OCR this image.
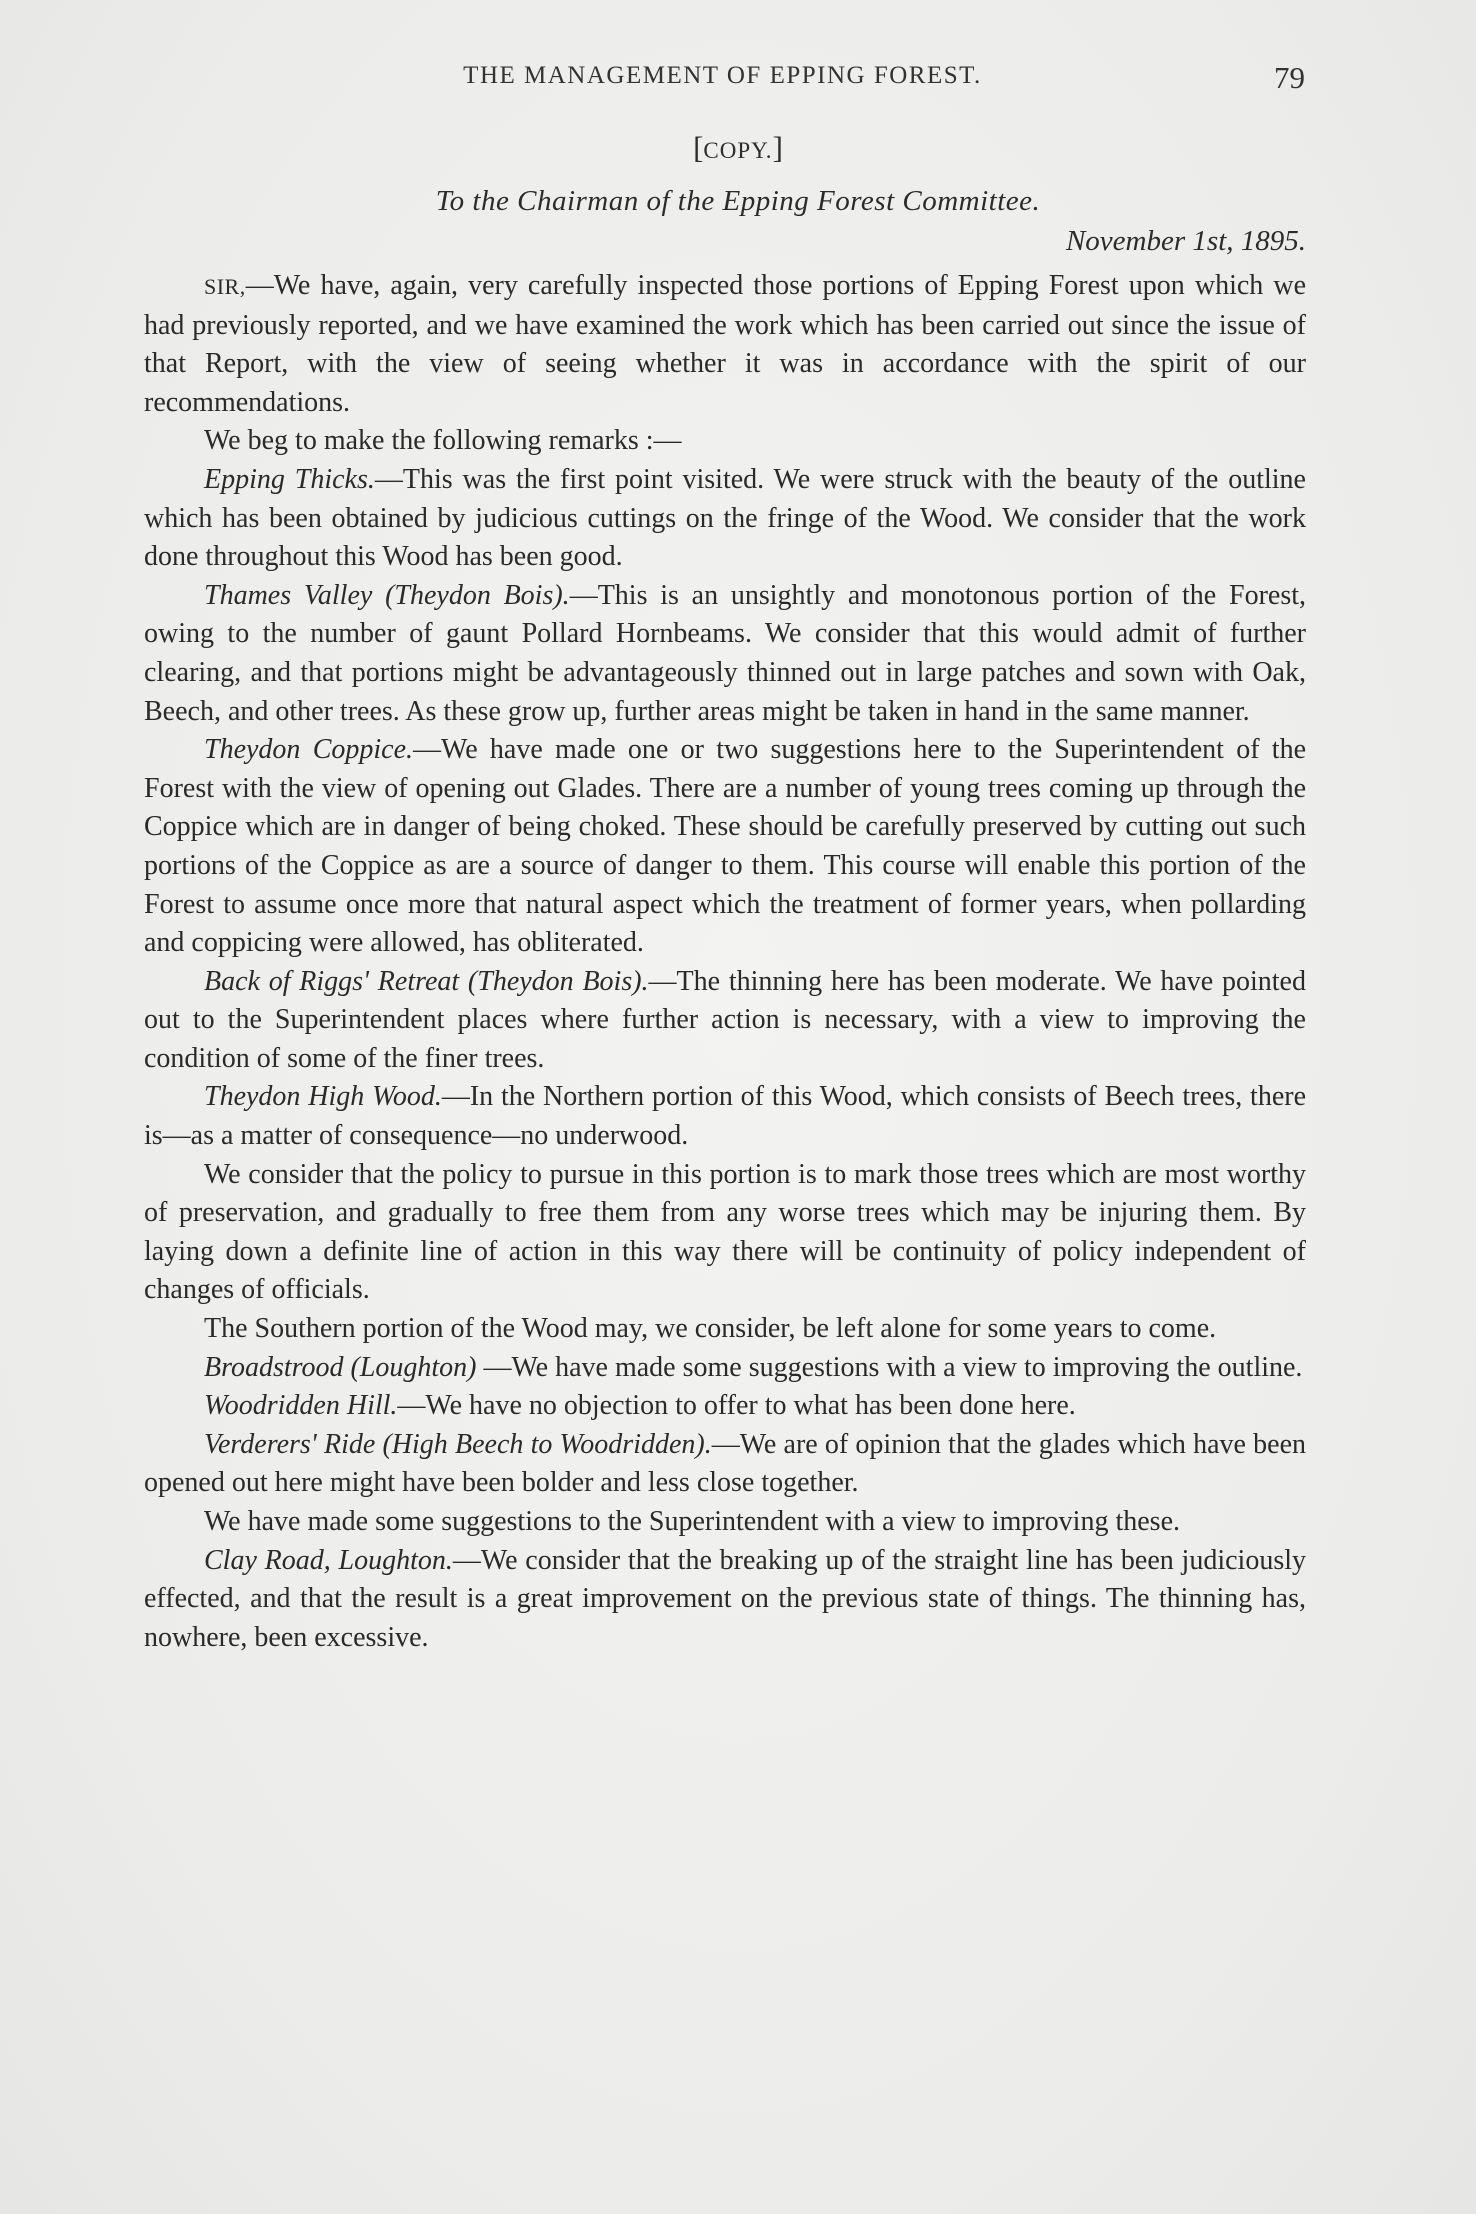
THE MANAGEMENT OF EPPING FOREST.	79
[COPY.]
To the Chairman of the Epping Forest Committee.
November 1st, 1895.

SIR,—We have, again, very carefully inspected those portions of Epping Forest upon which we had previously reported, and we have examined the work which has been carried out since the issue of that Report, with the view of seeing whether it was in accordance with the spirit of our recommendations.

We beg to make the following remarks :—

Epping Thicks.—This was the first point visited. We were struck with the beauty of the outline which has been obtained by judicious cuttings on the fringe of the Wood. We consider that the work done throughout this Wood has been good.

Thames Valley (Theydon Bois).—This is an unsightly and monotonous portion of the Forest, owing to the number of gaunt Pollard Hornbeams. We consider that this would admit of further clearing, and that portions might be advantageously thinned out in large patches and sown with Oak, Beech, and other trees. As these grow up, further areas might be taken in hand in the same manner.

Theydon Coppice.—We have made one or two suggestions here to the Superintendent of the Forest with the view of opening out Glades. There are a number of young trees coming up through the Coppice which are in danger of being choked. These should be carefully preserved by cutting out such portions of the Coppice as are a source of danger to them. This course will enable this portion of the Forest to assume once more that natural aspect which the treatment of former years, when pollarding and coppicing were allowed, has obliterated.

Back of Riggs' Retreat (Theydon Bois).—The thinning here has been moderate. We have pointed out to the Superintendent places where further action is necessary, with a view to improving the condition of some of the finer trees.

Theydon High Wood.—In the Northern portion of this Wood, which consists of Beech trees, there is—as a matter of consequence—no underwood.

We consider that the policy to pursue in this portion is to mark those trees which are most worthy of preservation, and gradually to free them from any worse trees which may be injuring them. By laying down a definite line of action in this way there will be continuity of policy independent of changes of officials.

The Southern portion of the Wood may, we consider, be left alone for some years to come.

Broadstrood (Loughton) —We have made some suggestions with a view to improving the outline.

Woodridden Hill.—We have no objection to offer to what has been done here.

Verderers' Ride (High Beech to Woodridden).—We are of opinion that the glades which have been opened out here might have been bolder and less close together.

We have made some suggestions to the Superintendent with a view to improving these.

Clay Road, Loughton.—We consider that the breaking up of the straight line has been judiciously effected, and that the result is a great improvement on the previous state of things. The thinning has, nowhere, been excessive.
